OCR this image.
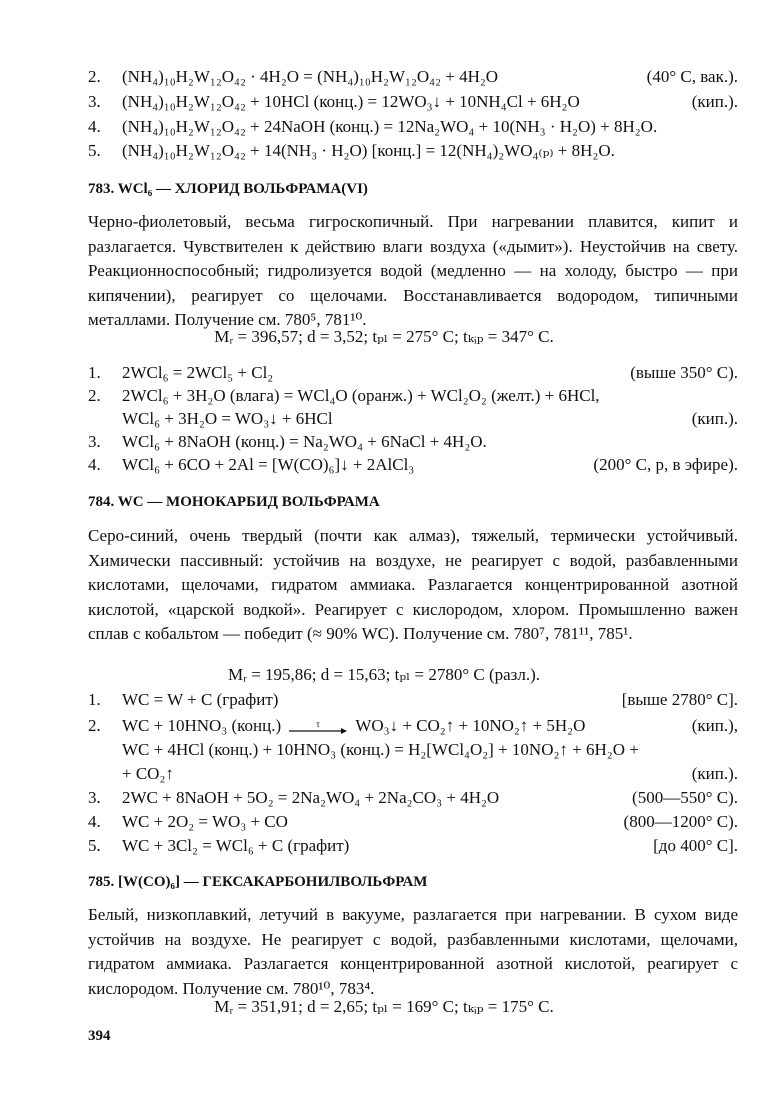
2. (NH₄)₁₀H₂W₁₂O₄₂ · 4H₂O = (NH₄)₁₀H₂W₁₂O₄₂ + 4H₂O	(40° C, вак.).
3. (NH₄)₁₀H₂W₁₂O₄₂ + 10HCl (конц.) = 12WO₃↓ + 10NH₄Cl + 6H₂O	(кип.).
4. (NH₄)₁₀H₂W₁₂O₄₂ + 24NaOH (конц.) = 12Na₂WO₄ + 10(NH₃ · H₂O) + 8H₂O.
5. (NH₄)₁₀H₂W₁₂O₄₂ + 14(NH₃ · H₂O) [конц.] = 12(NH₄)₂WO₄₍ₚ₎ + 8H₂O.
783. WCl₆ — ХЛОРИД ВОЛЬФРАМА(VI)
Черно-фиолетовый, весьма гигроскопичный. При нагревании плавится, кипит и разлагается. Чувствителен к действию влаги воздуха («дымит»). Неустойчив на свету. Реакционноспособный; гидролизуется водой (медленно — на холоду, быстро — при кипячении), реагирует со щелочами. Восстанавливается водородом, типичными металлами. Получение см. 780⁵, 781¹⁰.
Mᵣ = 396,57; d = 3,52; tₚₗ = 275° C; tₖᵢₚ = 347° C.
1. 2WCl₆ = 2WCl₅ + Cl₂	(выше 350° C).
2. 2WCl₆ + 3H₂O (влага) = WCl₄O (оранж.) + WCl₂O₂ (желт.) + 6HCl,
WCl₆ + 3H₂O = WO₃↓ + 6HCl	(кип.).
3. WCl₆ + 8NaOH (конц.) = Na₂WO₄ + 6NaCl + 4H₂O.
4. WCl₆ + 6CO + 2Al = [W(CO)₆]↓ + 2AlCl₃	(200° C, p, в эфире).
784. WC — МОНОКАРБИД ВОЛЬФРАМА
Серо-синий, очень твердый (почти как алмаз), тяжелый, термически устойчивый. Химически пассивный: устойчив на воздухе, не реагирует с водой, разбавленными кислотами, щелочами, гидратом аммиака. Разлагается концентрированной азотной кислотой, «царской водкой». Реагирует с кислородом, хлором. Промышленно важен сплав с кобальтом — победит (≈ 90% WC). Получение см. 780⁷, 781¹¹, 785¹.
Mᵣ = 195,86; d = 15,63; tₚₗ = 2780° C (разл.).
1. WC = W + C (графит)	[выше 2780° C].
2. WC + 10HNO₃ (конц.)	τ WO₃↓ + CO₂↑ + 10NO₂↑ + 5H₂O	(кип.),
WC + 4HCl (конц.) + 10HNO₃ (конц.) = H₂[WCl₄O₂] + 10NO₂↑ + 6H₂O +
+ CO₂↑	(кип.).
3. 2WC + 8NaOH + 5O₂ = 2Na₂WO₄ + 2Na₂CO₃ + 4H₂O	(500—550° C).
4. WC + 2O₂ = WO₃ + CO	(800—1200° C).
5. WC + 3Cl₂ = WCl₆ + C (графит)	[до 400° C].
785. [W(CO)₆] — ГЕКСАКАРБОНИЛВОЛЬФРАМ
Белый, низкоплавкий, летучий в вакууме, разлагается при нагревании. В сухом виде устойчив на воздухе. Не реагирует с водой, разбавленными кислотами, щелочами, гидратом аммиака. Разлагается концентрированной азотной кислотой, реагирует с кислородом. Получение см. 780¹⁰, 783⁴.
Mᵣ = 351,91; d = 2,65; tₚₗ = 169° C; tₖᵢₚ = 175° C.
394
